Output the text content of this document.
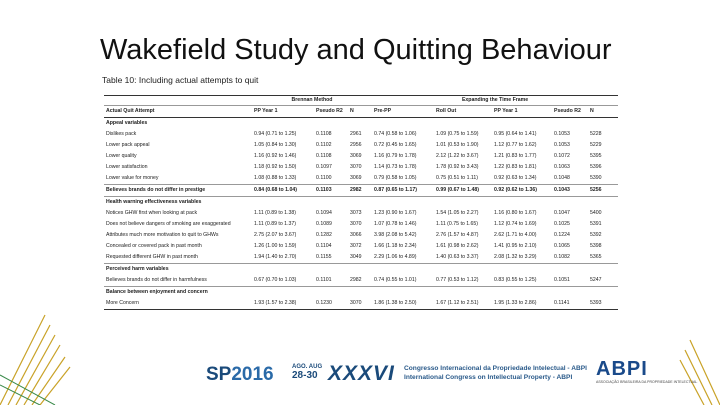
Wakefield Study and Quitting Behaviour
Table 10: Including actual attempts to quit
	Brennan Method			Expanding the Time Frame				
Actual Quit Attempt	PP Year 1	Pseudo R2	N	Pre-PP	Roll Out	PP Year 1	Pseudo R2	N
Appeal variables								
Dislikes pack	0.94 (0.71 to 1.25)	0.1108	2961	0.74 (0.58 to 1.06)	1.09 (0.75 to 1.59)	0.95 (0.64 to 1.41)	0.1053	5228
Lower pack appeal	1.05 (0.84 to 1.30)	0.1102	2956	0.72 (0.45 to 1.65)	1.01 (0.53 to 1.90)	1.12 (0.77 to 1.62)	0.1053	5229
Lower quality	1.16 (0.92 to 1.46)	0.1108	3069	1.16 (0.79 to 1.78)	2.12 (1.22 to 3.67)	1.21 (0.83 to 1.77)	0.1072	5395
Lower satisfaction	1.18 (0.92 to 1.50)	0.1097	3070	1.14 (0.73 to 1.78)	1.78 (0.92 to 3.43)	1.22 (0.83 to 1.81)	0.1063	5396
Lower value for money	1.08 (0.88 to 1.33)	0.1100	3069	0.79 (0.58 to 1.05)	0.75 (0.51 to 1.11)	0.92 (0.63 to 1.34)	0.1048	5390
Believes brands do not differ in prestige	0.84 (0.68 to 1.04)	0.1103	2982	0.87 (0.65 to 1.17)	0.99 (0.67 to 1.48)	0.92 (0.62 to 1.36)	0.1043	5256
Health warning effectiveness variables								
Notices GHW first when looking at pack	1.11 (0.89 to 1.38)	0.1094	3073	1.23 (0.90 to 1.67)	1.54 (1.05 to 2.27)	1.16 (0.80 to 1.67)	0.1047	5400
Does not believe dangers of smoking are exaggerated	1.11 (0.89 to 1.37)	0.1089	3070	1.07 (0.78 to 1.46)	1.11 (0.75 to 1.65)	1.12 (0.74 to 1.69)	0.1025	5391
Attributes much more motivation to quit to GHWs	2.75 (2.07 to 3.67)	0.1282	3066	3.98 (2.08 to 5.42)	2.76 (1.57 to 4.87)	2.62 (1.71 to 4.00)	0.1224	5392
Concealed or covered pack in past month	1.26 (1.00 to 1.59)	0.1104	3072	1.66 (1.18 to 2.34)	1.61 (0.98 to 2.62)	1.41 (0.95 to 2.10)	0.1065	5398
Requested different GHW in past month	1.94 (1.40 to 2.70)	0.1155	3049	2.29 (1.06 to 4.89)	1.40 (0.63 to 3.37)	2.08 (1.32 to 3.29)	0.1082	5365
Perceived harm variables								
Believes brands do not differ in harmfulness	0.67 (0.70 to 1.03)	0.1101	2982	0.74 (0.55 to 1.01)	0.77 (0.53 to 1.12)	0.83 (0.55 to 1.25)	0.1051	5247
Balance between enjoyment and concern								
More Concern	1.93 (1.57 to 2.38)	0.1230	3070	1.86 (1.38 to 2.50)	1.67 (1.12 to 2.51)	1.95 (1.33 to 2.86)	0.1141	5393
SP2016	AGO. AUG
28-30 XXXVI Congresso Internacional da Propriedade Intelectual - ABPI
International Congress on Intellectual Property - ABPI	ABPI
ASSOCIAÇÃO BRASILEIRA DA PROPRIEDADE INTELECTUAL
